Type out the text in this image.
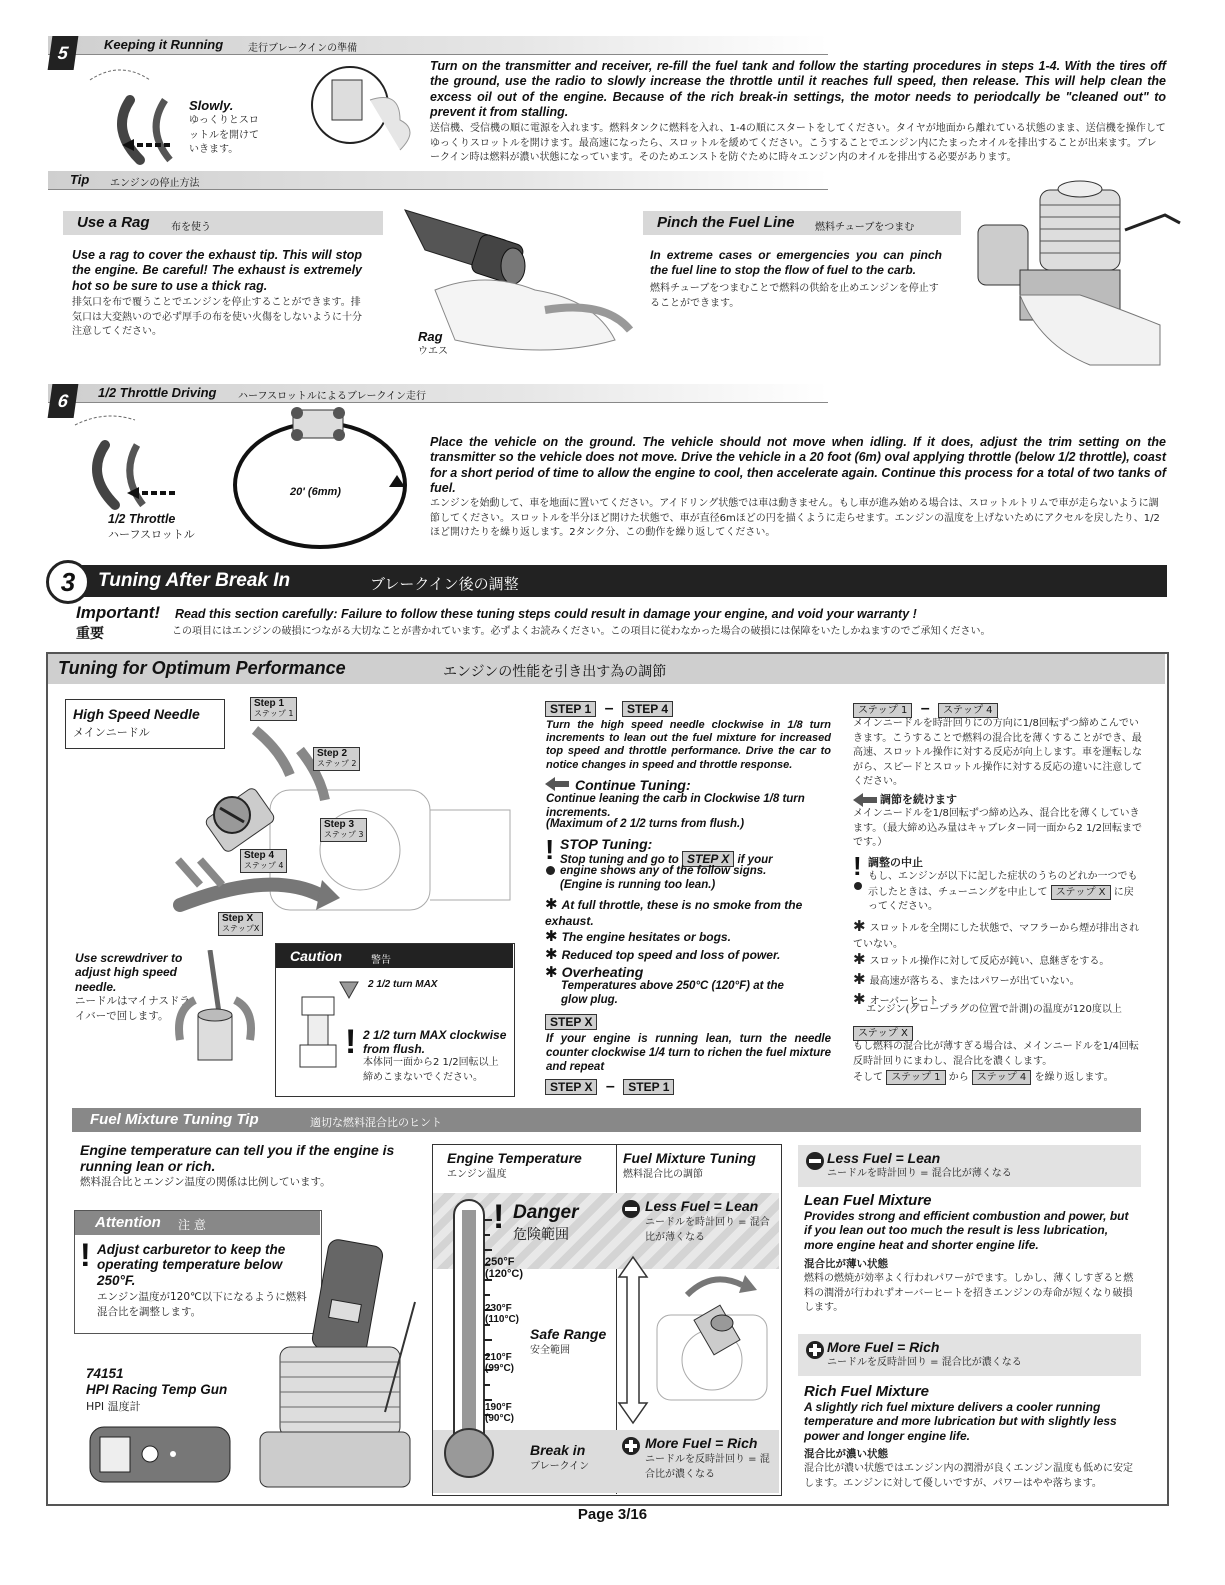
Keeping it Running 走行ブレークインの準備
5
Slowly.
ゆっくりとスロットルを開けていきます。
Turn on the transmitter and receiver, re-fill the fuel tank and follow the starting procedures in steps 1-4. With the tires off the ground, use the radio to slowly increase the throttle until it reaches full speed, then release. This will help clean the excess oil out of the engine. Because of the rich break-in settings, the motor needs to periodcally be "cleaned out" to prevent it from stalling.
送信機、受信機の順に電源を入れます。燃料タンクに燃料を入れ、1-4の順にスタートをしてください。タイヤが地面から離れている状態のまま、送信機を操作してゆっくりスロットルを開けます。最高速になったら、スロットルを緩めてください。こうすることでエンジン内にたまったオイルを排出することが出来ます。ブレークイン時は燃料が濃い状態になっています。そのためエンストを防ぐために時々エンジン内のオイルを排出する必要があります。
Tip エンジンの停止方法
Use a Rag 布を使う
Use a rag to cover the exhaust tip. This will stop the engine. Be careful! The exhaust is extremely hot so be sure to use a thick rag.
排気口を布で覆うことでエンジンを停止することができます。排気口は大変熱いので必ず厚手の布を使い火傷をしないように十分注意してください。	Rag
ウエス
Pinch the Fuel Line 燃料チューブをつまむ
In extreme cases or emergencies you can pinch the fuel line to stop the flow of fuel to the carb.
燃料チューブをつまむことで燃料の供給を止めエンジンを停止することができます。
1/2 Throttle Driving ハーフスロットルによるブレークイン走行
6
20' (6mm)
1/2 Throttle
ハーフスロットル
Place the vehicle on the ground. The vehicle should not move when idling. If it does, adjust the trim setting on the transmitter so the vehicle does not move. Drive the vehicle in a 20 foot (6m) oval applying throttle (below 1/2 throttle), coast for a short period of time to allow the engine to cool, then accelerate again. Continue this process for a total of two tanks of fuel.
エンジンを始動して、車を地面に置いてください。アイドリング状態では車は動きません。もし車が進み始める場合は、スロットルトリムで車が走らないように調節してください。スロットルを半分ほど開けた状態で、車が直径6mほどの円を描くように走らせます。エンジンの温度を上げないためにアクセルを戻したり、1/2ほど開けたりを繰り返します。2タンク分、この動作を繰り返してください。
Tuning After Break In	ブレークイン後の調整
3
Important!
重要
Read this section carefully: Failure to follow these tuning steps could result in damage your engine, and void your warranty !
この項目にはエンジンの破損につながる大切なことが書かれています。必ずよくお読みください。この項目に従わなかった場合の破損には保障をいたしかねますのでご承知ください。
Tuning for Optimum Performance	エンジンの性能を引き出す為の調節
High Speed Needle
メインニードル
Step 1
ステップ 1
Step 2
ステップ 2
Step 3
ステップ 3
Step 4
ステップ 4
Step X
ステップX
Use screwdriver to adjust high speed needle.
ニードルはマイナスドライバーで回します。
Caution	警告
2 1/2 turn MAX
! 2 1/2 turn MAX clockwise from flush.
本体同一面から2 1/2回転以上締めこまないでください。
STEP 1 – STEP 4
Turn the high speed needle clockwise in 1/8 turn increments to lean out the fuel mixture for increased top speed and throttle performance. Drive the car to notice changes in speed and throttle response.
Continue Tuning:
Continue leaning the carb in Clockwise 1/8 turn increments.
(Maximum of 2 1/2 turns from flush.)
! STOP Tuning:
Stop tuning and go to STEP X if your
engine shows any of the follow signs.
(Engine is running too lean.)
✱ At full throttle, these is no smoke from the exhaust.
✱ The engine hesitates or bogs.
✱ Reduced top speed and loss of power.
✱ Overheating
Temperatures above 250°C (120°F) at the glow plug.
STEP X
If your engine is running lean, turn the needle counter clockwise 1/4 turn to richen the fuel mixture and repeat
STEP X – STEP 1
ステップ 1 – ステップ 4
メインニードルを時計回りにの方向に1/8回転ずつ締めこんでいきます。こうすることで燃料の混合比を薄くすることができ、最高速、スロットル操作に対する反応が向上します。車を運転しながら、スピードとスロットル操作に対する反応の違いに注意してください。
調節を続けます
メインニードルを1/8回転ずつ締め込み、混合比を薄くしていきます。（最大締め込み量はキャブレター同一面から2 1/2回転までです。）
! 調整の中止
もし、エンジンが以下に記した症状のうちのどれか一つでも示したときは、チューニングを中止して ステップ X に戻ってください。
✱ スロットルを全開にした状態で、マフラーから煙が排出されていない。
✱ スロットル操作に対して反応が鈍い、息継ぎをする。
✱ 最高速が落ちる、またはパワーが出ていない。
✱ オーバーヒート
エンジン(グロープラグの位置で計測)の温度が120度以上
ステップ X
もし燃料の混合比が薄すぎる場合は、メインニードルを1/4回転反時計回りにまわし、混合比を濃くします。
そして ステップ 1 から ステップ 4 を繰り返します。
Fuel Mixture Tuning Tip	適切な燃料混合比のヒント
Engine temperature can tell you if the engine is running lean or rich.
燃料混合比とエンジン温度の関係は比例しています。
Attention 注 意
! Adjust carburetor to keep the operating temperature below 250°F.
エンジン温度が120℃以下になるように燃料混合比を調整します。
74151
HPI Racing Temp Gun
HPI 温度計
Engine Temperature
エンジン温度
Fuel Mixture Tuning
燃料混合比の調節
! Danger
危険範囲
250°F
(120°C)
230°F
(110°C)
210°F
(99°C)
190°F
(90°C)
Safe Range
安全範囲
Break in
ブレークイン
Less Fuel = Lean
ニードルを時計回り = 混合比が薄くなる
More Fuel = Rich
ニードルを反時計回り = 混合比が濃くなる
Less Fuel = Lean
ニードルを時計回り = 混合比が薄くなる
Lean Fuel Mixture
Provides strong and efficient combustion and power, but if you lean out too much the result is less lubrication, more engine heat and shorter engine life.
混合比が薄い状態
燃料の燃焼が効率よく行われパワーがでます。しかし、薄くしすぎると燃料の潤滑が行われずオーバーヒートを招きエンジンの寿命が短くなり破損します。
More Fuel = Rich
ニードルを反時計回り = 混合比が濃くなる
Rich Fuel Mixture
A slightly rich fuel mixture delivers a cooler running temperature and more lubrication but with slightly less power and longer engine life.
混合比が濃い状態
混合比が濃い状態ではエンジン内の潤滑が良くエンジン温度も低めに安定します。エンジンに対して優しいですが、パワーはやや落ちます。
Page 3/16
